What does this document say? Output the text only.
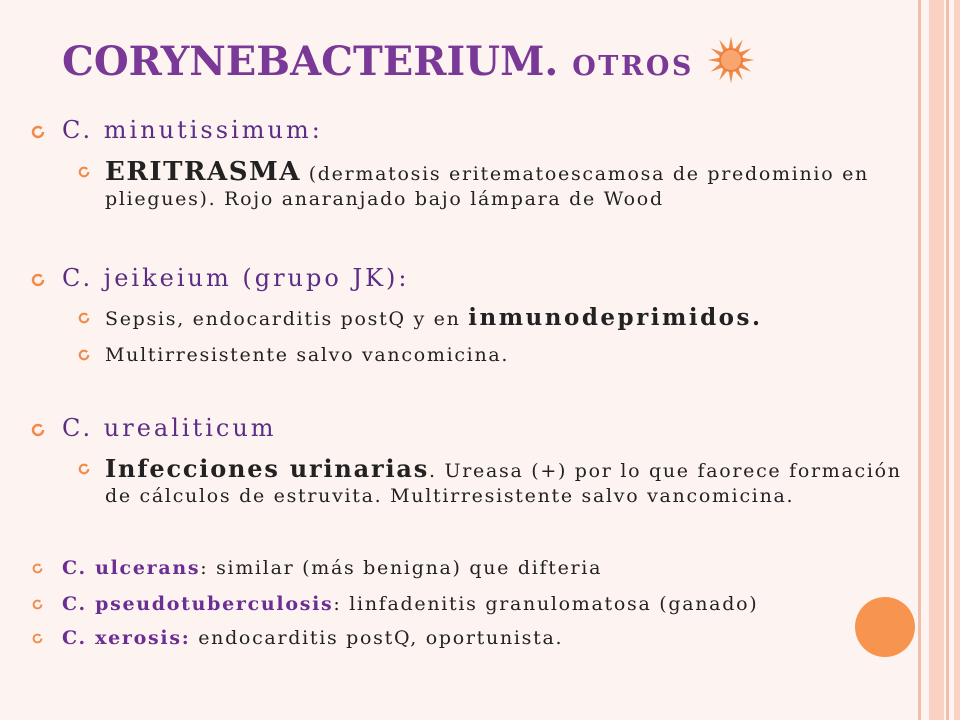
CORYNEBACTERIUM. OTROS
C. minutissimum:
ERITRASMA (dermatosis eritematoescamosa de predominio en
pliegues). Rojo anaranjado bajo lámpara de Wood
C. jeikeium (grupo JK):
Sepsis, endocarditis postQ y en inmunodeprimidos.
Multirresistente salvo vancomicina.
C. urealiticum
Infecciones urinarias. Ureasa (+) por lo que faorece formación
de cálculos de estruvita. Multirresistente salvo vancomicina.
C. ulcerans: similar (más benigna) que difteria
C. pseudotuberculosis: linfadenitis granulomatosa (ganado)
C. xerosis: endocarditis postQ, oportunista.
